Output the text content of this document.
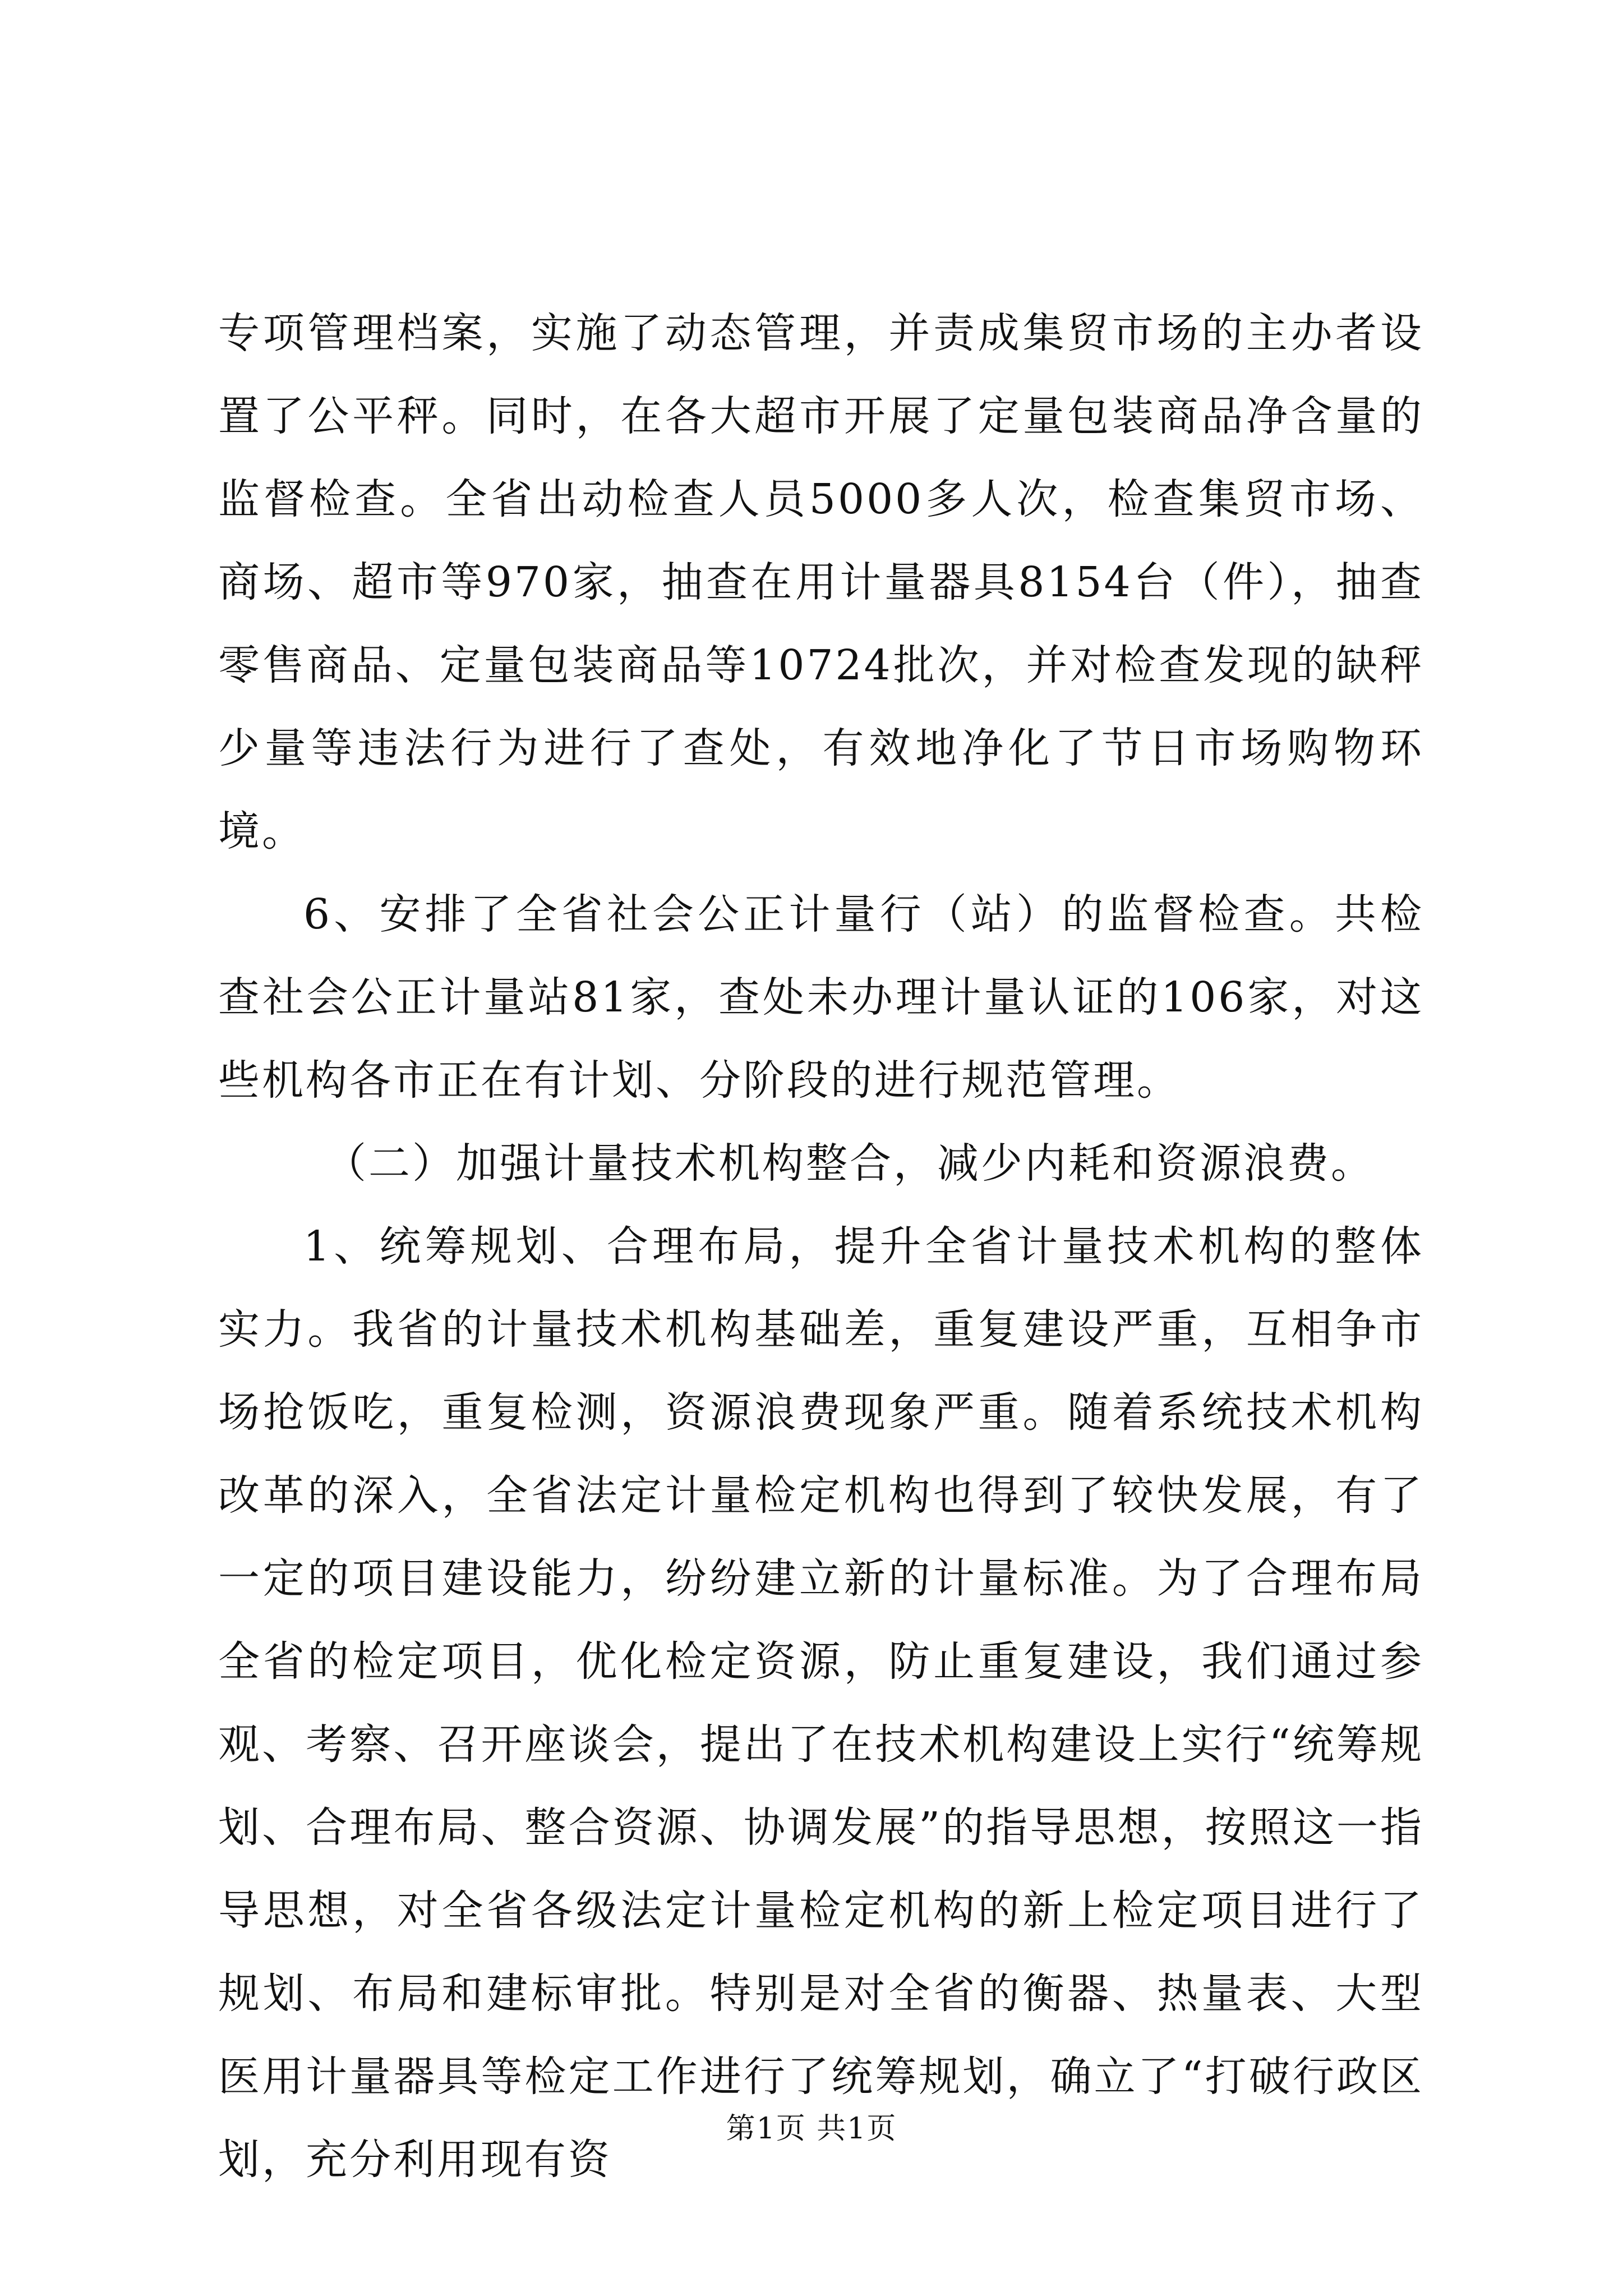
专项管理档案，实施了动态管理，并责成集贸市场的主办者设置了公平秤。同时，在各大超市开展了定量包装商品净含量的监督检查。全省出动检查人员5000多人次，检查集贸市场、商场、超市等970家，抽查在用计量器具8154台（件），抽查零售商品、定量包装商品等10724批次，并对检查发现的缺秤少量等违法行为进行了查处，有效地净化了节日市场购物环境。

6、安排了全省社会公正计量行（站）的监督检查。共检查社会公正计量站81家，查处未办理计量认证的106家，对这些机构各市正在有计划、分阶段的进行规范管理。

（二）加强计量技术机构整合，减少内耗和资源浪费。

1、统筹规划、合理布局，提升全省计量技术机构的整体实力。我省的计量技术机构基础差，重复建设严重，互相争市场抢饭吃，重复检测，资源浪费现象严重。随着系统技术机构改革的深入，全省法定计量检定机构也得到了较快发展，有了一定的项目建设能力，纷纷建立新的计量标准。为了合理布局全省的检定项目，优化检定资源，防止重复建设，我们通过参观、考察、召开座谈会，提出了在技术机构建设上实行“统筹规划、合理布局、整合资源、协调发展”的指导思想，按照这一指导思想，对全省各级法定计量检定机构的新上检定项目进行了规划、布局和建标审批。特别是对全省的衡器、热量表、大型医用计量器具等检定工作进行了统筹规划，确立了“打破行政区划，充分利用现有资

第1页 共1页
